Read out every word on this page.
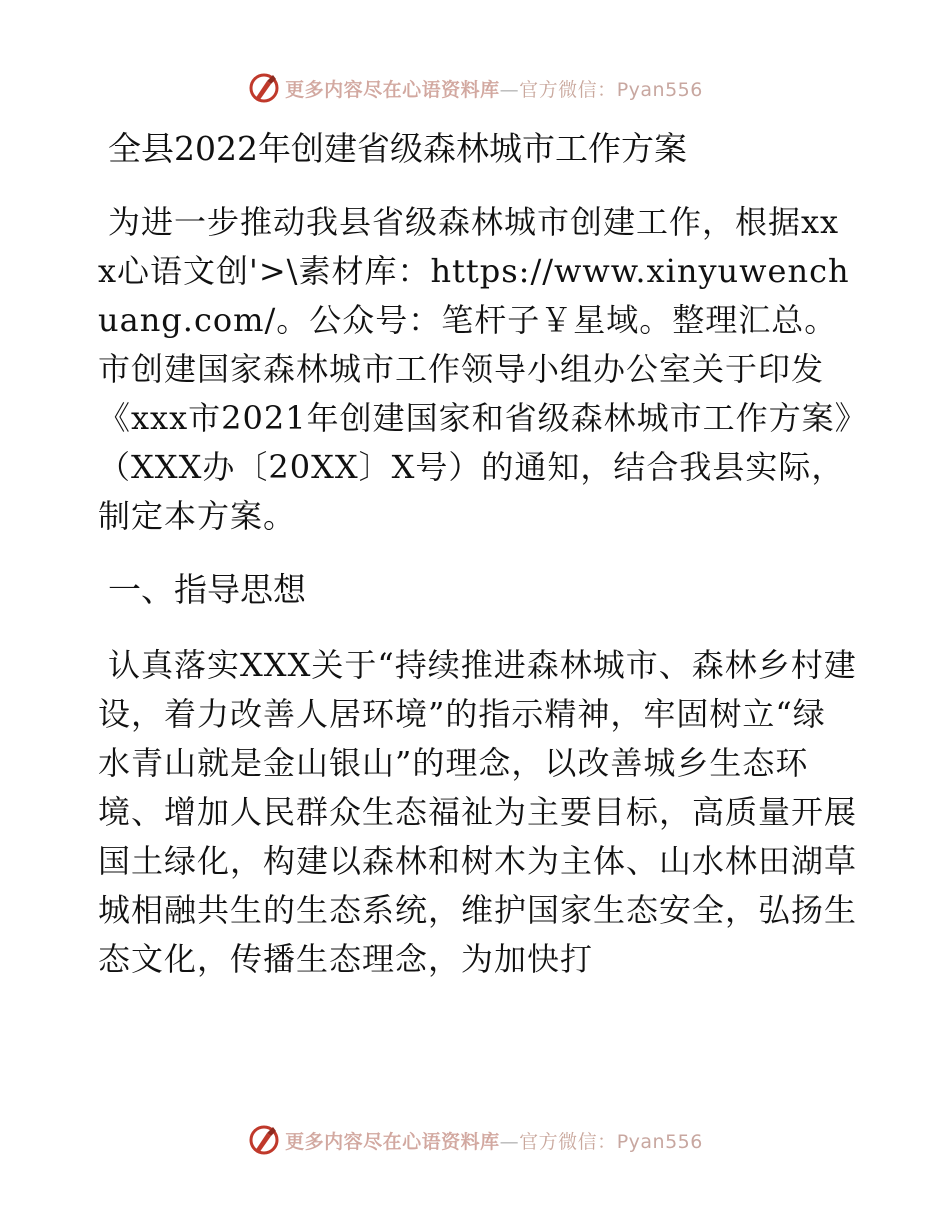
更多内容尽在心语资料库—官方微信：Pyan556
全县2022年创建省级森林城市工作方案

为进一步推动我县省级森林城市创建工作，根据xxx心语文创'>\素材库：https://www.xinyuwenchuang.com/。公众号：笔杆子￥星域。整理汇总。市创建国家森林城市工作领导小组办公室关于印发《xxx市2021年创建国家和省级森林城市工作方案》（XXX办〔20XX〕X号）的通知，结合我县实际，制定本方案。

一、指导思想

认真落实XXX关于“持续推进森林城市、森林乡村建设，着力改善人居环境”的指示精神，牢固树立“绿水青山就是金山银山”的理念，以改善城乡生态环境、增加人民群众生态福祉为主要目标，高质量开展国土绿化，构建以森林和树木为主体、山水林田湖草城相融共生的生态系统，维护国家生态安全，弘扬生态文化，传播生态理念，为加快打

更多内容尽在心语资料库—官方微信：Pyan556
